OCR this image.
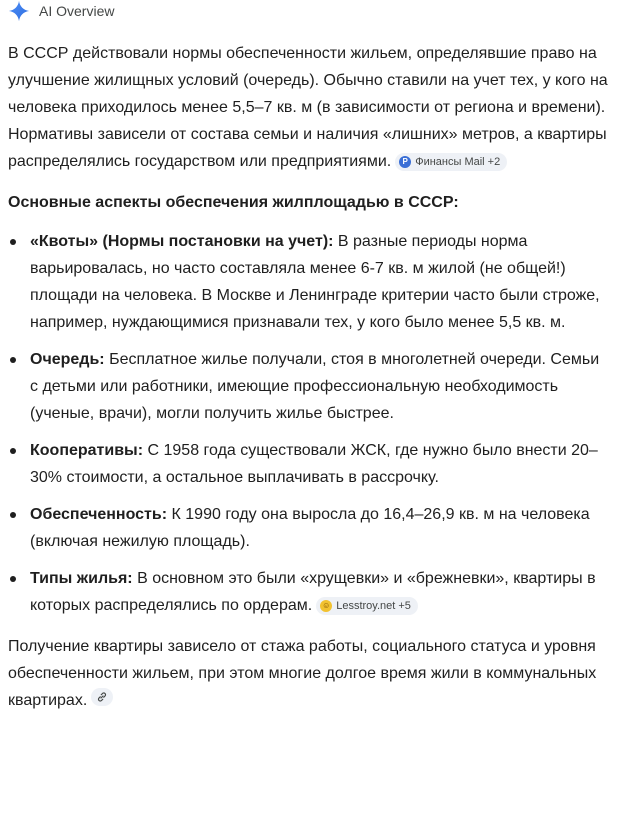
AI Overview

В СССР действовали нормы обеспеченности жильем, определявшие право на улучшение жилищных условий (очередь). Обычно ставили на учет тех, у кого на человека приходилось менее 5,5–7 кв. м (в зависимости от региона и времени). Нормативы зависели от состава семьи и наличия «лишних» метров, а квартиры распределялись государством или предприятиями.	P Финансы Mail +2

Основные аспекты обеспечения жилплощадью в СССР:

«Квоты» (Нормы постановки на учет): В разные периоды норма варьировалась, но часто составляла менее 6-7 кв. м жилой (не общей!) площади на человека. В Москве и Ленинграде критерии часто были строже, например, нуждающимися признавали тех, у кого было менее 5,5 кв. м.
Очередь: Бесплатное жилье получали, стоя в многолетней очереди. Семьи с детьми или работники, имеющие профессиональную необходимость (ученые, врачи), могли получить жилье быстрее.
Кооперативы: С 1958 года существовали ЖСК, где нужно было внести 20–30% стоимости, а остальное выплачивать в рассрочку.
Обеспеченность: К 1990 году она выросла до 16,4–26,9 кв. м на человека (включая нежилую площадь).
Типы жилья: В основном это были «хрущевки» и «брежневки», квартиры в которых распределялись по ордерам. ☺ Lesstroy.net +5

Получение квартиры зависело от стажа работы, социального статуса и уровня обеспеченности жильем, при этом многие долгое время жили в коммунальных квартирах.
